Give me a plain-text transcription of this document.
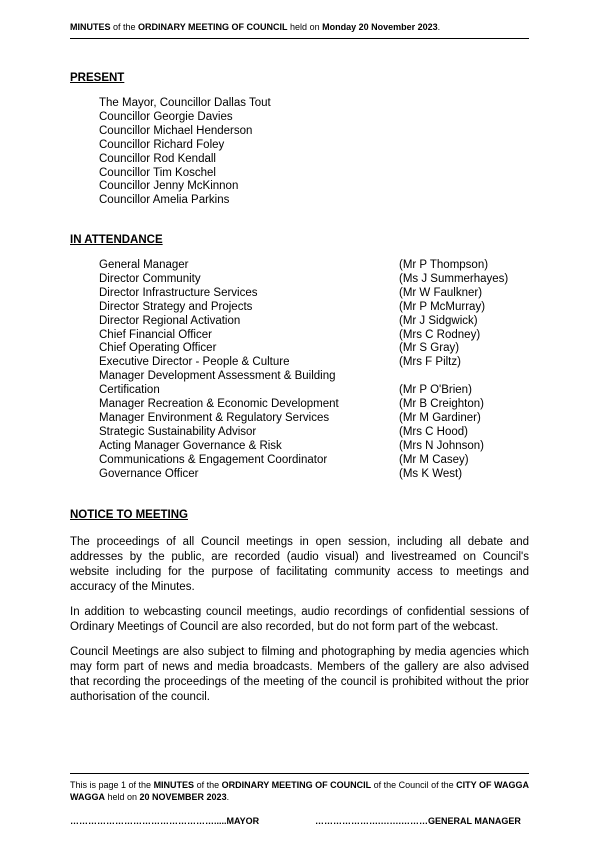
MINUTES of the ORDINARY MEETING OF COUNCIL held on Monday 20 November 2023.
PRESENT
The Mayor, Councillor Dallas Tout
Councillor Georgie Davies
Councillor Michael Henderson
Councillor Richard Foley
Councillor Rod Kendall
Councillor Tim Koschel
Councillor Jenny McKinnon
Councillor Amelia Parkins
IN ATTENDANCE
General Manager	(Mr P Thompson)
Director Community	(Ms J Summerhayes)
Director Infrastructure Services	(Mr W Faulkner)
Director Strategy and Projects	(Mr P McMurray)
Director Regional Activation	(Mr J Sidgwick)
Chief Financial Officer	(Mrs C Rodney)
Chief Operating Officer	(Mr S Gray)
Executive Director - People & Culture	(Mrs F Piltz)
Manager Development Assessment & Building
Certification	(Mr P O'Brien)
Manager Recreation & Economic Development	(Mr B Creighton)
Manager Environment & Regulatory Services	(Mr M Gardiner)
Strategic Sustainability Advisor	(Mrs C Hood)
Acting Manager Governance & Risk	(Mrs N Johnson)
Communications & Engagement Coordinator	(Mr M Casey)
Governance Officer	(Ms K West)
NOTICE TO MEETING

The proceedings of all Council meetings in open session, including all debate and addresses by the public, are recorded (audio visual) and livestreamed on Council's website including for the purpose of facilitating community access to meetings and accuracy of the Minutes.

In addition to webcasting council meetings, audio recordings of confidential sessions of Ordinary Meetings of Council are also recorded, but do not form part of the webcast.

Council Meetings are also subject to filming and photographing by media agencies which may form part of news and media broadcasts. Members of the gallery are also advised that recording the proceedings of the meeting of the council is prohibited without the prior authorisation of the council.

This is page 1 of the MINUTES of the ORDINARY MEETING OF COUNCIL of the Council of the CITY OF WAGGA WAGGA held on 20 NOVEMBER 2023.
………………………………………….....MAYOR	………………….…….………GENERAL MANAGER
